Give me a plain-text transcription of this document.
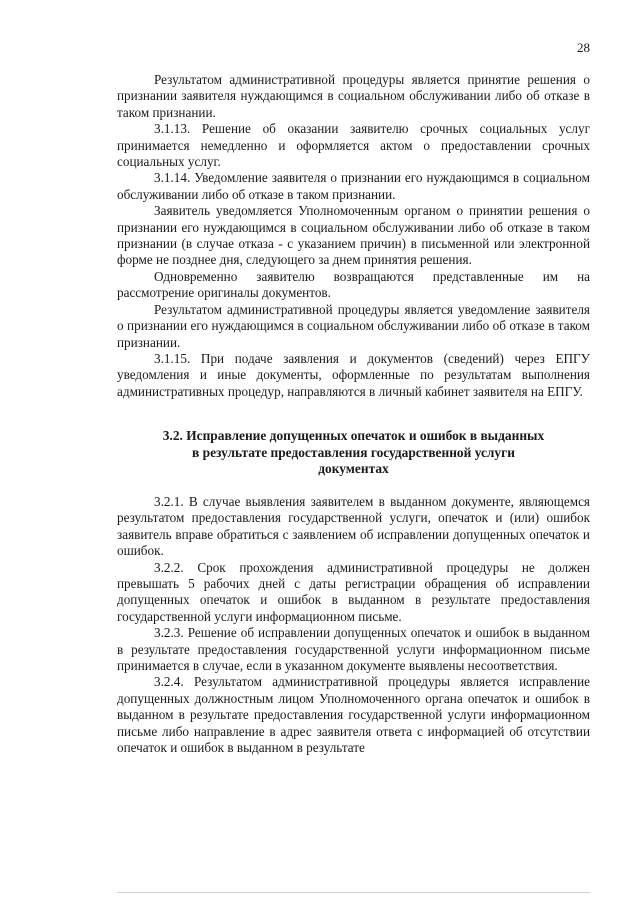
28

Результатом административной процедуры является принятие решения о признании заявителя нуждающимся в социальном обслуживании либо об отказе в таком признании.

3.1.13. Решение об оказании заявителю срочных социальных услуг принимается немедленно и оформляется актом о предоставлении срочных социальных услуг.

3.1.14. Уведомление заявителя о признании его нуждающимся в социальном обслуживании либо об отказе в таком признании.

Заявитель уведомляется Уполномоченным органом о принятии решения о признании его нуждающимся в социальном обслуживании либо об отказе в таком признании (в случае отказа - с указанием причин) в письменной или электронной форме не позднее дня, следующего за днем принятия решения.

Одновременно заявителю возвращаются представленные им на рассмотрение оригиналы документов.

Результатом административной процедуры является уведомление заявителя о признании его нуждающимся в социальном обслуживании либо об отказе в таком признании.

3.1.15. При подаче заявления и документов (сведений) через ЕПГУ уведомления и иные документы, оформленные по результатам выполнения административных процедур, направляются в личный кабинет заявителя на ЕПГУ.

3.2. Исправление допущенных опечаток и ошибок в выданных
в результате предоставления государственной услуги
документах

3.2.1. В случае выявления заявителем в выданном документе, являющемся результатом предоставления государственной услуги, опечаток и (или) ошибок заявитель вправе обратиться с заявлением об исправлении допущенных опечаток и ошибок.

3.2.2. Срок прохождения административной процедуры не должен превышать 5 рабочих дней с даты регистрации обращения об исправлении допущенных опечаток и ошибок в выданном в результате предоставления государственной услуги информационном письме.

3.2.3. Решение об исправлении допущенных опечаток и ошибок в выданном в результате предоставления государственной услуги информационном письме принимается в случае, если в указанном документе выявлены несоответствия.

3.2.4. Результатом административной процедуры является исправление допущенных должностным лицом Уполномоченного органа опечаток и ошибок в выданном в результате предоставления государственной услуги информационном письме либо направление в адрес заявителя ответа с информацией об отсутствии опечаток и ошибок в выданном в результате
